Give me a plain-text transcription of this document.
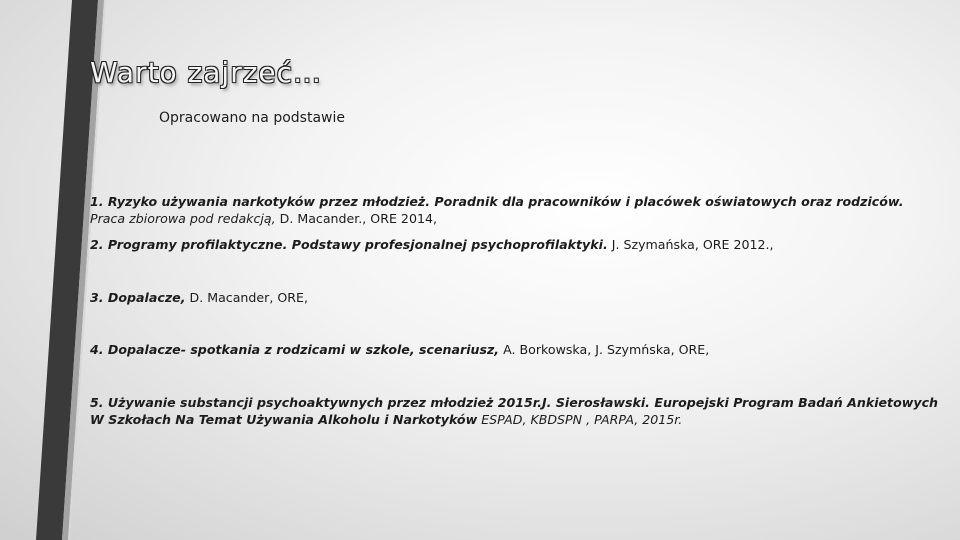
Warto zajrzeć…
Opracowano na podstawie
1. Ryzyko używania narkotyków przez młodzież. Poradnik dla pracowników i placówek oświatowych oraz rodziców.
Praca zbiorowa pod redakcją, D. Macander., ORE 2014,
2. Programy profilaktyczne. Podstawy profesjonalnej psychoprofilaktyki. J. Szymańska, ORE 2012.,
3. Dopalacze, D. Macander, ORE,
4. Dopalacze- spotkania z rodzicami w szkole, scenariusz, A. Borkowska, J. Szymńska, ORE,
5. Używanie substancji psychoaktywnych przez młodzież 2015r.J. Sierosławski. Europejski Program Badań Ankietowych W Szkołach Na Temat Używania Alkoholu i Narkotyków ESPAD, KBDSPN , PARPA, 2015r.
